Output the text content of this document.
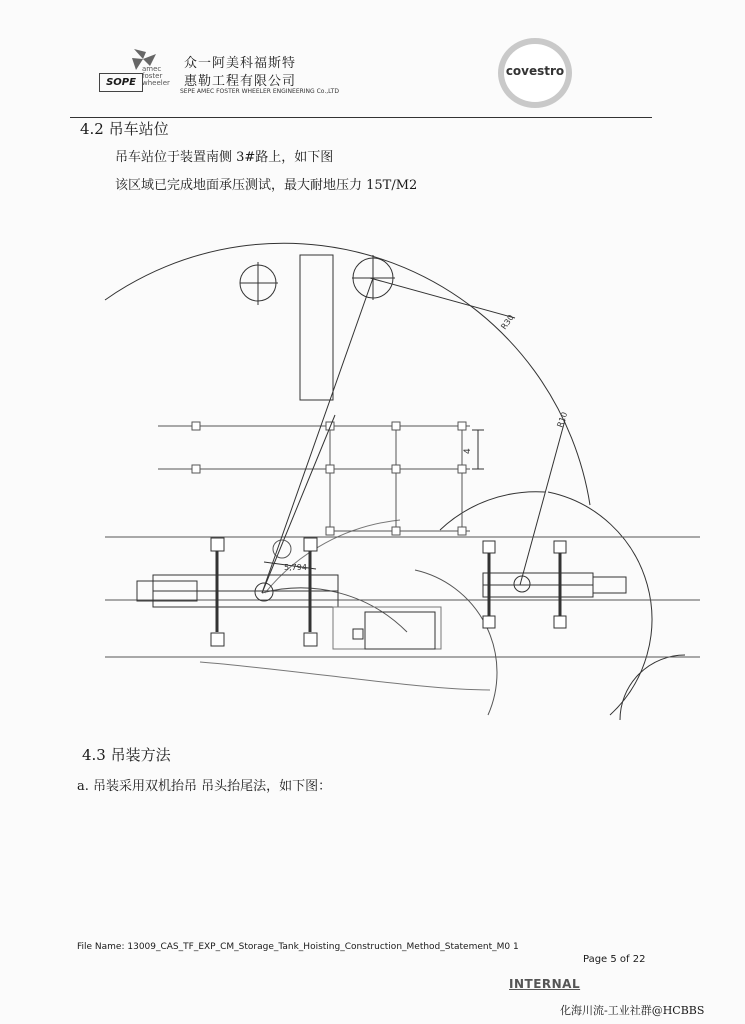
amec
foster
wheeler
SOPE
众一阿美科福斯特
惠勒工程有限公司
SEPE AMEC FOSTER WHEELER ENGINEERING Co.,LTD
covestro
4.2 吊车站位
吊车站位于装置南侧 3#路上，如下图
该区域已完成地面承压测试，最大耐地压力 15T/M2
R30
R10
4
5,794
4.3 吊装方法
a. 吊装采用双机抬吊 吊头抬尾法，如下图：
File Name: 13009_CAS_TF_EXP_CM_Storage_Tank_Hoisting_Construction_Method_Statement_M0 1
Page 5 of 22
INTERNAL
化海川流-工业社群@HCBBS
